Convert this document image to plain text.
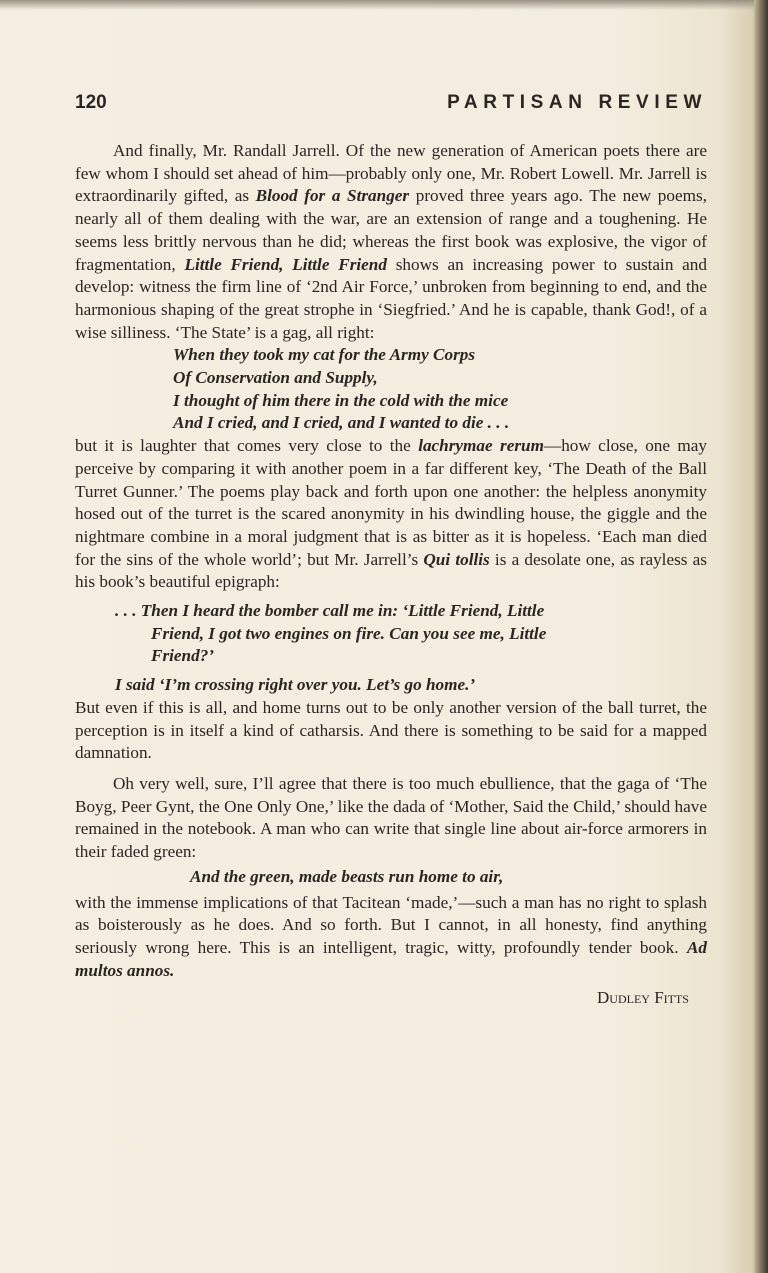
120	PARTISAN REVIEW

And finally, Mr. Randall Jarrell. Of the new generation of American poets there are few whom I should set ahead of him—probably only one, Mr. Robert Lowell. Mr. Jarrell is extraordinarily gifted, as Blood for a Stranger proved three years ago. The new poems, nearly all of them dealing with the war, are an extension of range and a toughening. He seems less brittly nervous than he did; whereas the first book was explosive, the vigor of fragmentation, Little Friend, Little Friend shows an increasing power to sustain and develop: witness the firm line of ‘2nd Air Force,’ unbroken from beginning to end, and the harmonious shaping of the great strophe in ‘Siegfried.’ And he is capable, thank God!, of a wise silliness. ‘The State’ is a gag, all right:

When they took my cat for the Army Corps

Of Conservation and Supply,

I thought of him there in the cold with the mice

And I cried, and I cried, and I wanted to die . . .

but it is laughter that comes very close to the lachrymae rerum—how close, one may perceive by comparing it with another poem in a far different key, ‘The Death of the Ball Turret Gunner.’ The poems play back and forth upon one another: the helpless anonymity hosed out of the turret is the scared anonymity in his dwindling house, the giggle and the nightmare combine in a moral judgment that is as bitter as it is hopeless. ‘Each man died for the sins of the whole world’; but Mr. Jarrell’s Qui tollis is a desolate one, as rayless as his book’s beautiful epigraph:

. . . Then I heard the bomber call me in: ‘Little Friend, Little

Friend, I got two engines on fire. Can you see me, Little

Friend?’

I said ‘I’m crossing right over you. Let’s go home.’

But even if this is all, and home turns out to be only another version of the ball turret, the perception is in itself a kind of catharsis. And there is something to be said for a mapped damnation.

Oh very well, sure, I’ll agree that there is too much ebullience, that the gaga of ‘The Boyg, Peer Gynt, the One Only One,’ like the dada of ‘Mother, Said the Child,’ should have remained in the notebook. A man who can write that single line about air-force armorers in their faded green:

And the green, made beasts run home to air,

with the immense implications of that Tacitean ‘made,’—such a man has no right to splash as boisterously as he does. And so forth. But I cannot, in all honesty, find anything seriously wrong here. This is an intelligent, tragic, witty, profoundly tender book. Ad multos annos.

Dudley Fitts
